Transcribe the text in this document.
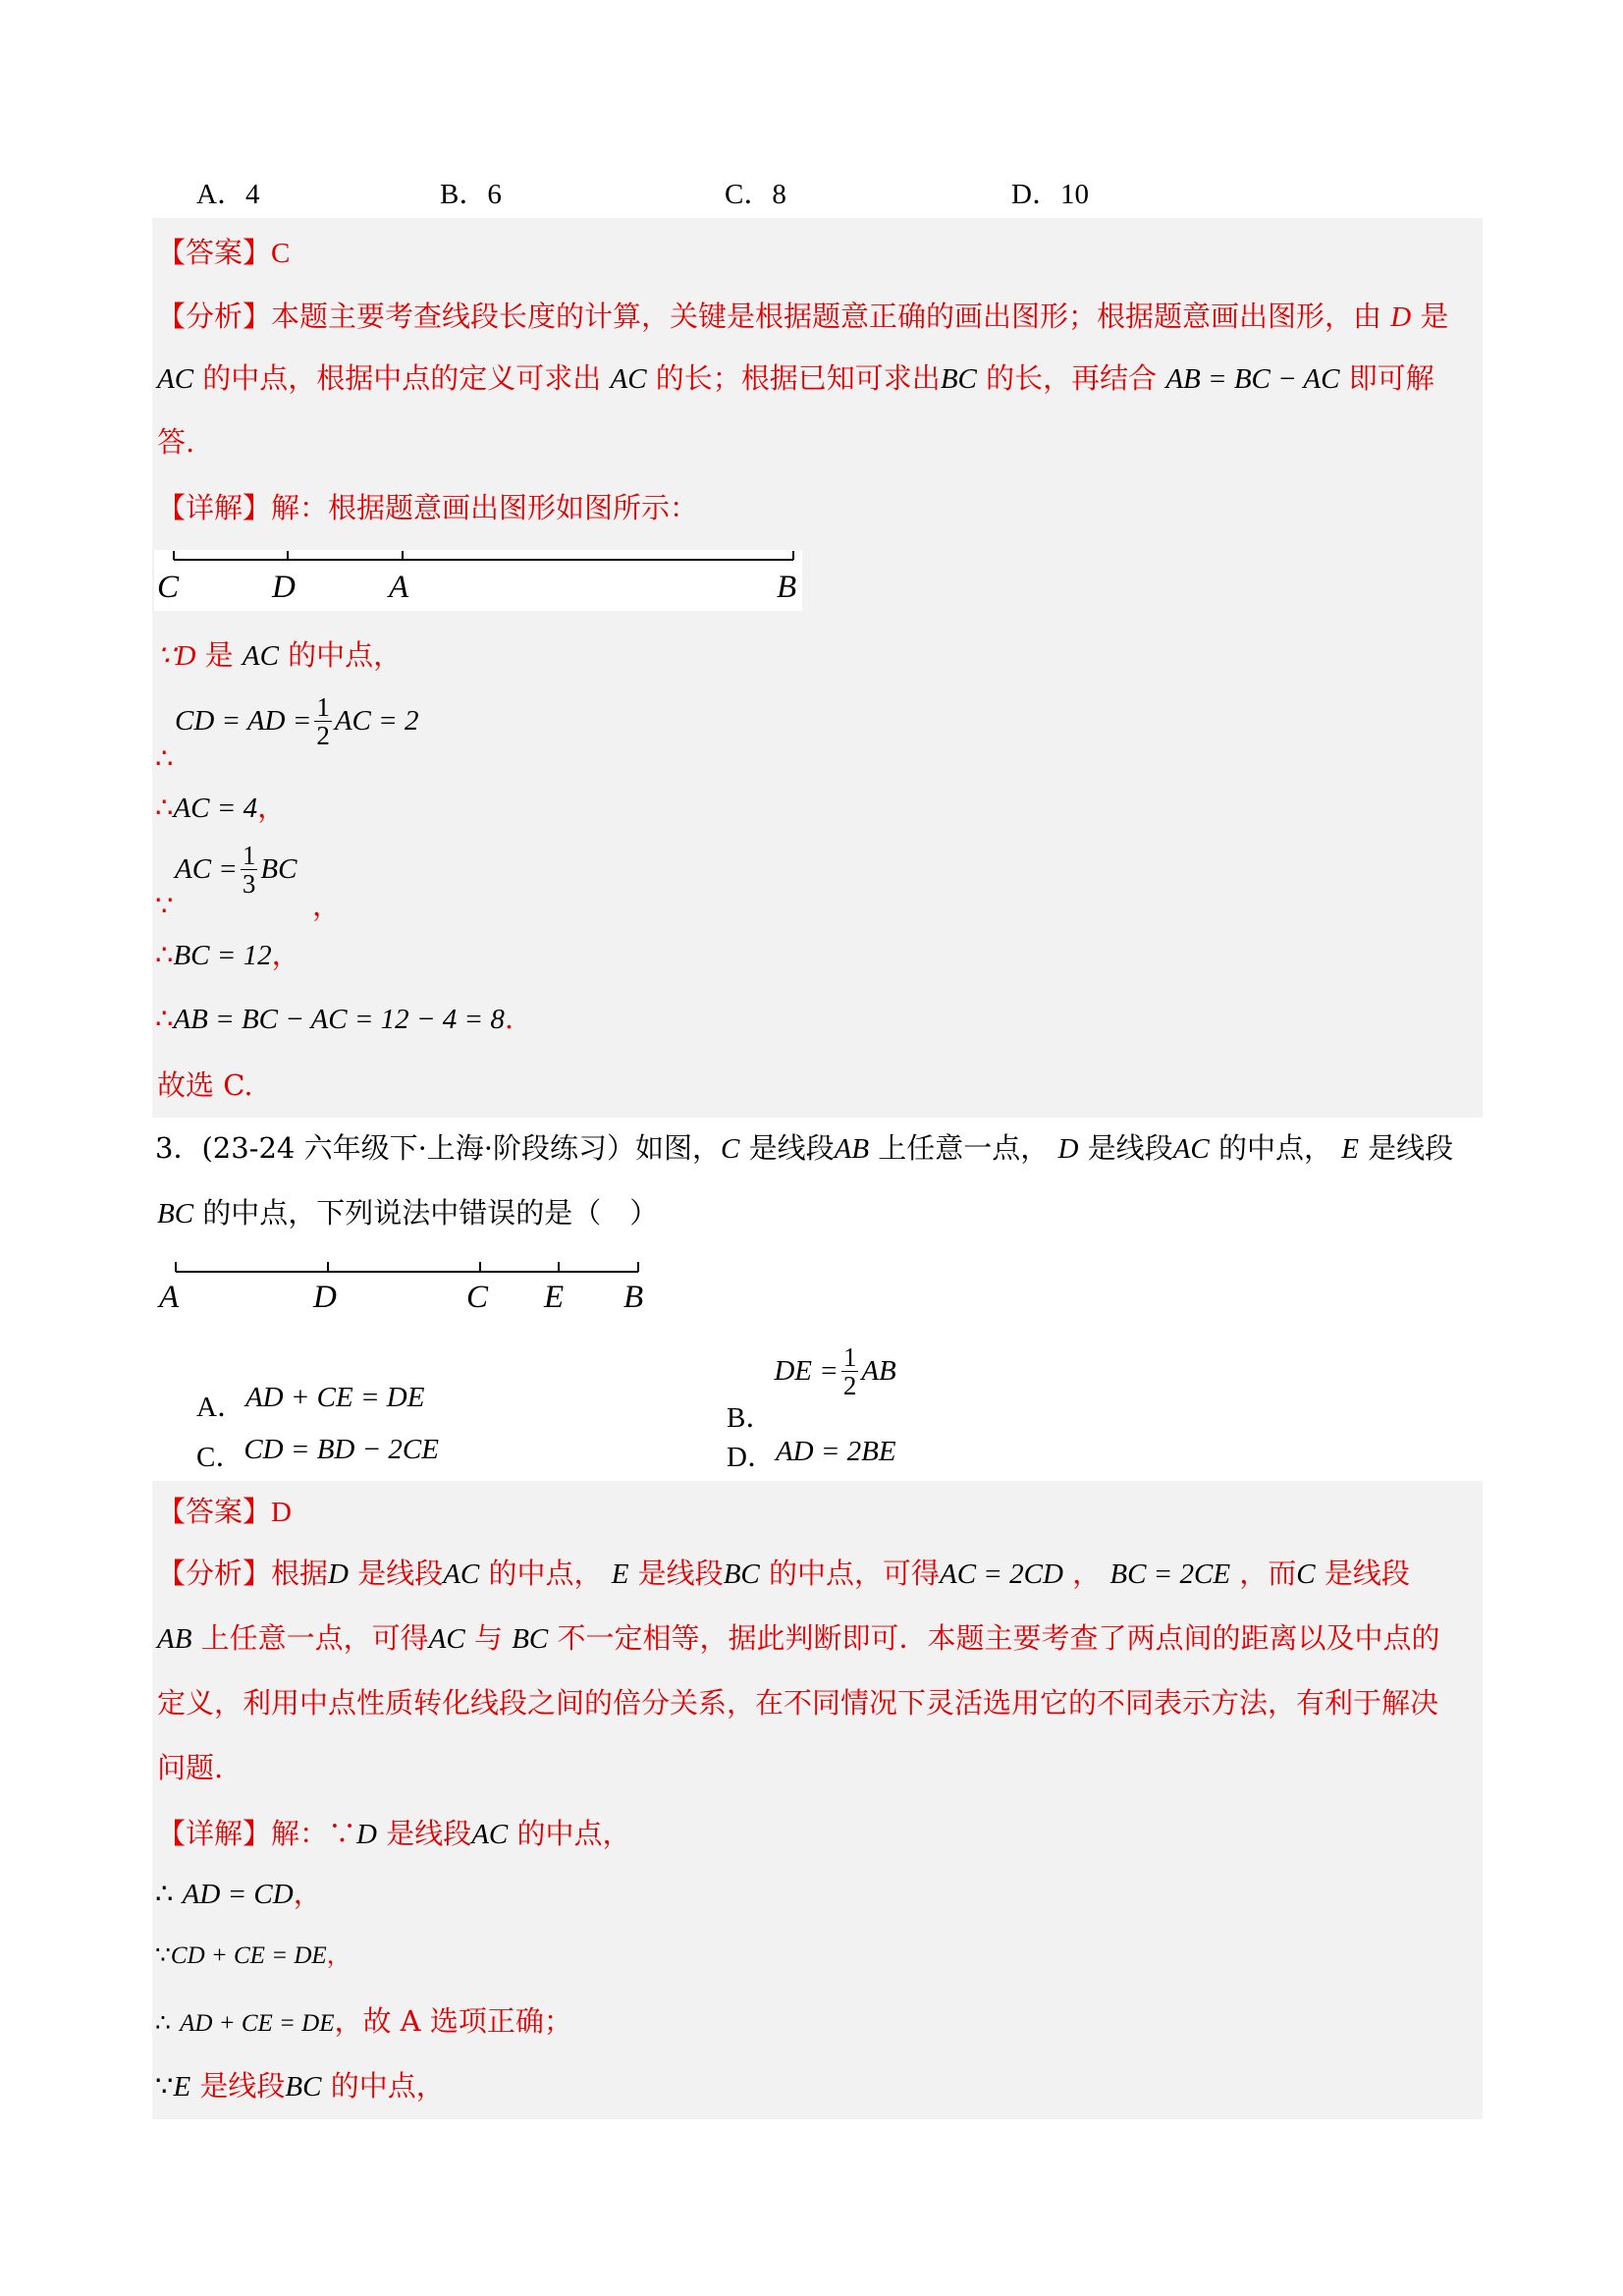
A．4	B．6	C．8	D．10
【答案】C
【分析】本题主要考查线段长度的计算，关键是根据题意正确的画出图形；根据题意画出图形，由 D 是
AC 的中点，根据中点的定义可求出 AC 的长；根据已知可求出BC 的长，再结合 AB = BC − AC 即可解
答.
【详解】解：根据题意画出图形如图所示：
C	D	A	B
∵D 是 AC 的中点，
CD = AD = $\frac{1}{2}$ AC = 2
∴
∴AC = 4，
AC = $\frac{1}{3}$ BC
∵	，
∴BC = 12，
∴AB = BC − AC = 12 − 4 = 8.
故选 C.
3．(23-24 六年级下·上海·阶段练习）如图，C 是线段AB 上任意一点， D 是线段AC 的中点， E 是线段
BC 的中点，下列说法中错误的是（　）
A	D	C E B
A．AD + CE = DE
B．DE = $\frac{1}{2}$ AB
C．CD = BD − 2CE	D．AD = 2BE
【答案】D
【分析】根据D 是线段AC 的中点， E 是线段BC 的中点，可得AC = 2CD ， BC = 2CE ，而C 是线段
AB 上任意一点，可得AC 与 BC 不一定相等，据此判断即可．本题主要考查了两点间的距离以及中点的
定义，利用中点性质转化线段之间的倍分关系，在不同情况下灵活选用它的不同表示方法，有利于解决
问题.
【详解】解：∵D 是线段AC 的中点，
∴ AD = CD，
∵CD + CE = DE，
∴ AD + CE = DE，故 A 选项正确；
∵E 是线段BC 的中点，
